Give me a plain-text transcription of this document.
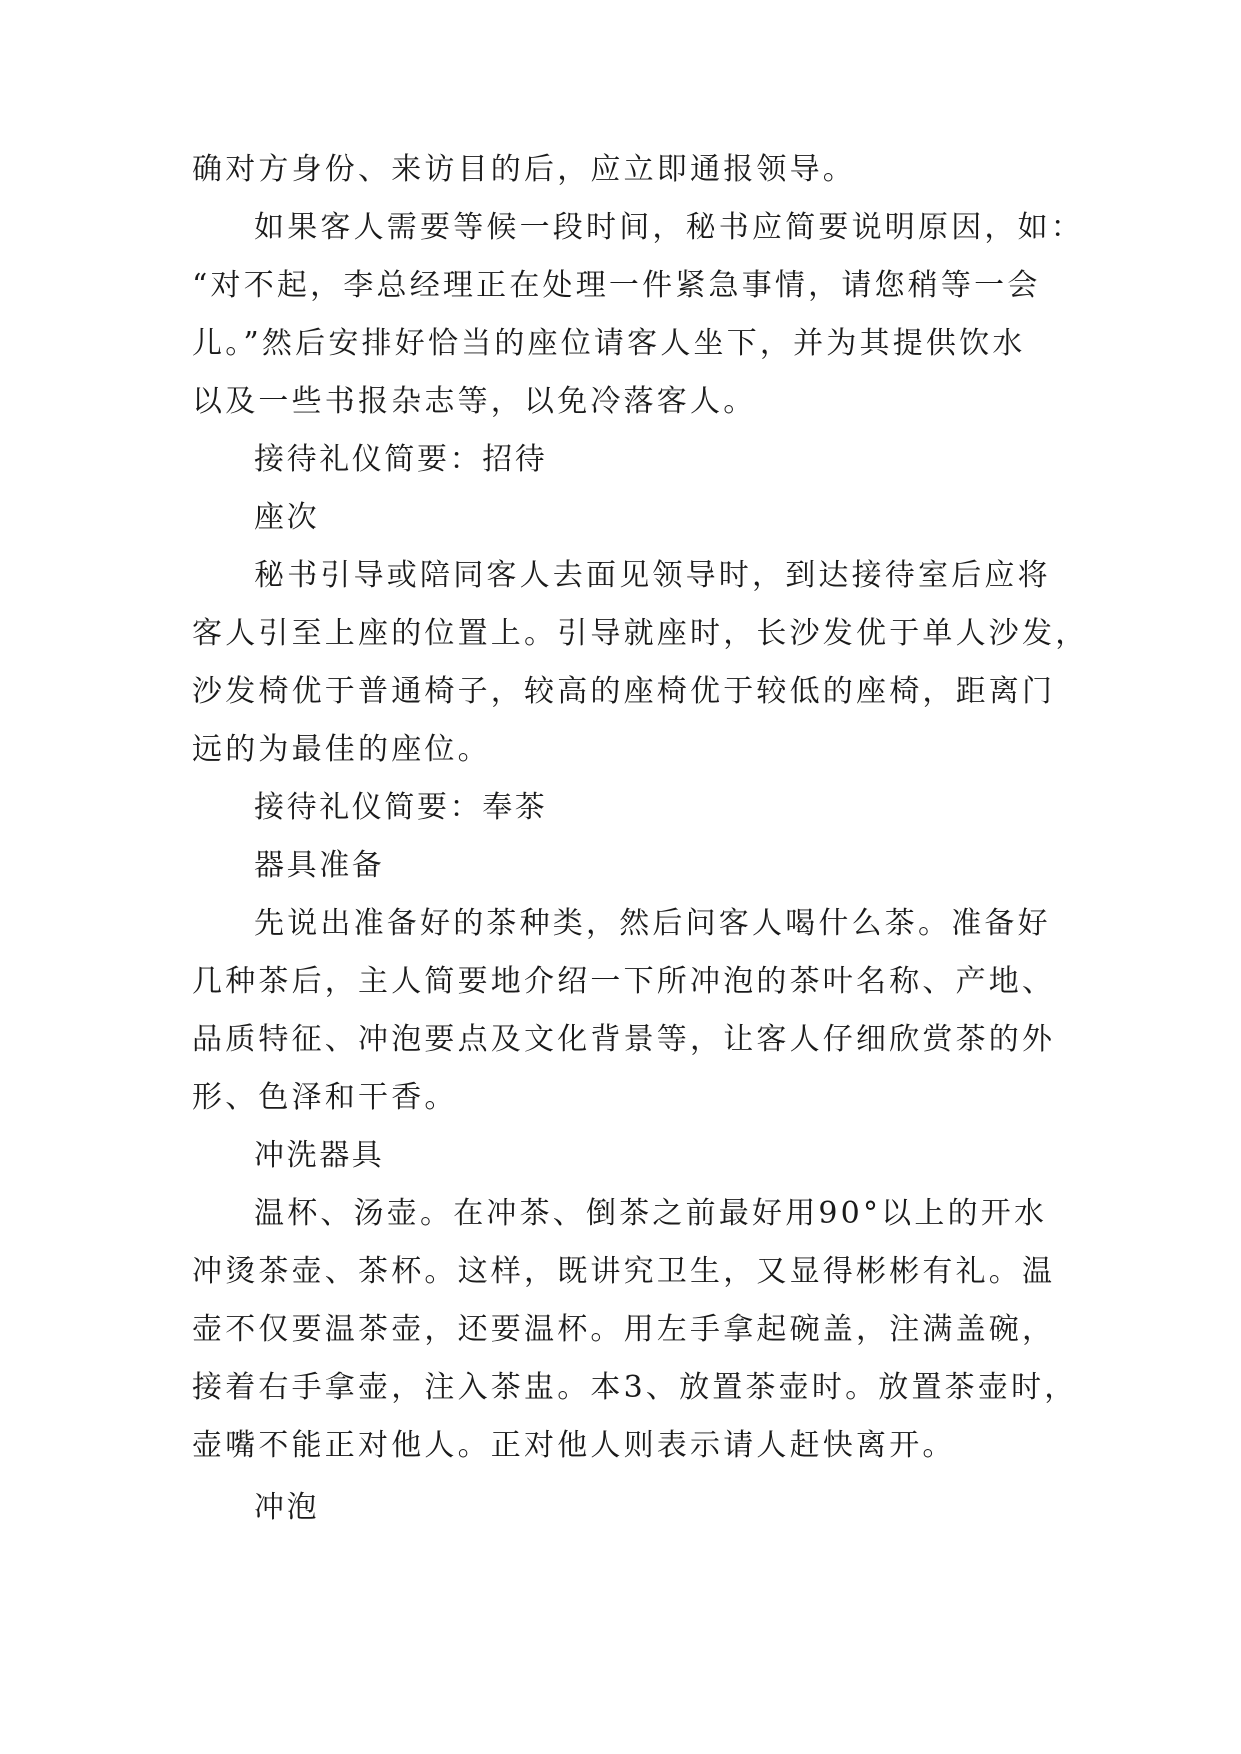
确对方身份、来访目的后，应立即通报领导。
如果客人需要等候一段时间，秘书应简要说明原因，如：
“对不起，李总经理正在处理一件紧急事情，请您稍等一会
儿。”然后安排好恰当的座位请客人坐下，并为其提供饮水
以及一些书报杂志等，以免冷落客人。
接待礼仪简要：招待
座次
秘书引导或陪同客人去面见领导时，到达接待室后应将
客人引至上座的位置上。引导就座时，长沙发优于单人沙发，
沙发椅优于普通椅子，较高的座椅优于较低的座椅，距离门
远的为最佳的座位。
接待礼仪简要：奉茶
器具准备
先说出准备好的茶种类，然后问客人喝什么茶。准备好
几种茶后，主人简要地介绍一下所冲泡的茶叶名称、产地、
品质特征、冲泡要点及文化背景等，让客人仔细欣赏茶的外
形、色泽和干香。
冲洗器具
温杯、汤壶。在冲茶、倒茶之前最好用90°以上的开水
冲烫茶壶、茶杯。这样，既讲究卫生，又显得彬彬有礼。温
壶不仅要温茶壶，还要温杯。用左手拿起碗盖，注满盖碗，
接着右手拿壶，注入茶盅。本3、放置茶壶时。放置茶壶时，
壶嘴不能正对他人。正对他人则表示请人赶快离开。
冲泡
